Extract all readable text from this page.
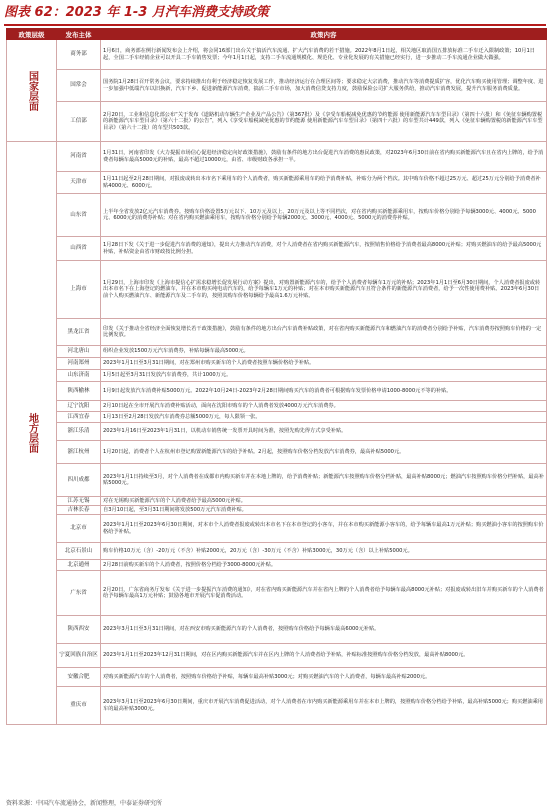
图表 62：2023 年 1-3 月汽车消费支持政策
政策层级	发布主体	政策内容

国家层面	商务部	1月6日，商务部在例行新闻发布会上介绍，将会同16部门出台关于搞活汽车流通、扩大汽车消费的若干措施。2022年8月1日起，相关地区取消国五排放标准二手车迁入限制政策；10月1日起，全国二手车经销企业可以开具二手车销售发票；今年1月1日起，支持二手车流通规模化、规范化、专业化发展的有关措施已经实行，进一步推动二手车流通企业做大做强。
	国常会	国务院1月28日召开常务会议，要求持续推出有利于经济稳定恢复发展工作，推动经济运行在合理区间等；要求稳定大宗消费，推动汽车等消费提质扩容，优化汽车购买使用管理；调整年度、进一步加强中低端汽车以旧换新，汽车下乡、促进新能源汽车消费，搞活二手车市场，加大消费信贷支持力度，鼓励保险公司扩大服务供给，推动汽车消费发展，提升汽车服务消费质量。
	工信部	2月20日，工业和信息化部公布“关于发布《道路机动车辆生产企业及产品公告》（第367批）及《享受车船税减免优惠的节约能源 使用新能源汽车车型目录》（第四十六批）和《免征车辆购置税的新能源汽车车型目录》（第六十二批）的公告”，列入《享受车船税减免优惠的节约能源 使用新能源汽车车型目录》（第四十六批）的车型共计449款，列入《免征车辆购置税的新能源汽车车型目录》（第六十二批）的车型共503款。

地方层面	河南省	1月31日，河南省印发《大力提振市场信心促进经济稳定向好政策措施》，鼓励有条件的地方出台促进汽车消费的惠民政策，对2023年6月30日前在省内购买新能源汽车且在省内上牌的，给予消费者每辆车最高5000元的补贴，最高不超过10000元，由省、市级财政各承担一半。
	天津市	1月11日起至2月28日期间，对报废或转出本市名下乘用车的个人消费者，购买新能源乘用车的给予消费补贴，补贴分为两个档次。其中购车价格不超过25万元、超过25万元分别给予消费者补贴4000元、6000元。
	山东省	上半年全省发放2亿元汽车消费券。按购车价格设置5万元以下、10万元及以上、20万元及以上等不同档次，对在省内购买新能源乘用车，按购车价格分别给予每辆3000元、4000元、5000元、6000元的消费券补贴；对在省内购买燃油乘用车，按购车价格分别给予每辆2000元、3000元、4000元、5000元的消费券补贴。
	山西省	1月28日下发《关于进一步促进汽车消费的通知》，提出大力推动汽车消费，对个人消费者在省内购买新能源汽车，按照销售价格给予消费者最高8000元补贴；对购买燃油车的给予最高5000元补贴，补贴资金由省市财政按比例分担。
	上海市	1月29日，上海市印发《上海市提信心扩需求稳增长促发展行动方案》提出，对购置新能源汽车的，给予个人消费者每辆车1万元的补贴；2023年1月1日至6月30日期间，个人消费者报废或转出本市名下在上海登记的燃油车，并在本市购买纯电动汽车的，给予每辆车1万元的补贴；对在本市购买新能源汽车且符合条件的新能源汽车消费者，给予一次性使用费补贴。2023年6月30日前个人购买燃油汽车、新能源汽车及二手车的，按照其购车价格每辆给予最高1.6万元补贴。
	黑龙江省	印发《关于推动全省经济全面恢复增长若干政策措施》，鼓励有条件的地方出台汽车消费补贴政策，对在省内购买新能源汽车和燃油汽车的消费者分别给予补贴，汽车消费券按照购车价格的一定比例发放。
	河北唐山	组织企业发放1500万元汽车消费券，补贴每辆车最高5000元。
	河南郑州	2023年1月1日至3月31日期间，对在郑州市购买新车的个人消费者按照车辆价格给予补贴。
	山东济南	1月5日起至3月31日发放汽车消费券，共计1000万元。
	陕西榆林	1月9日起发放汽车消费补贴5000万元。2022年10月24日-2023年2月28日期间购买汽车的消费者可根据购车发票价格申请1000-8000元不等的补贴。
	辽宁沈阳	2月10日起在全市开展汽车消费补贴活动，面向在沈阳市购车的个人消费者发放4000万元汽车消费券。
	江西宜春	1月13日至2月28日发放汽车消费券总额5000万元，每人限领一张。
	浙江乐清	2023年1月16日至2023年1月31日，以机动车销售统一发票开具时间为准，按照先购先得方式享受补贴。
	浙江杭州	1月20日起，消费者个人在杭州市登记购置新能源汽车的给予补贴。2月起，按照购车价格分档发放汽车消费券，最高补贴5000元。
	四川成都	2023年1月1日持续至3月，对个人消费者在成都市内购买新车并在本地上牌的，给予消费补贴；新能源汽车按照购车价格分档补贴，最高补贴8000元；燃油汽车按照购车价格分档补贴，最高补贴5000元。
	江苏无锡	对在无锡购买新能源汽车的个人消费者给予最高5000元补贴。
	吉林长春	自3月10日起，至3月31日期间将发放500万元汽车消费补贴。
	北京市	2023年1月1日至2023年6月30日期间，对本市个人消费者报废或转出本市名下在本市登记的小客车，并在本市购买新能源小客车的，给予每辆车最高1万元补贴；购买燃油小客车的按照购车价格给予补贴。
	北京石景山	购车价格10万元（含）-20万元（不含）补贴2000元，20万元（含）-30万元（不含）补贴3000元，30万元（含）以上补贴5000元。
	北京通州	2月28日前购买新车的个人消费者，按照价格分档给予3000-8000元补贴。
	广东省	2月20日，广东省商务厅发布《关于进一步提振汽车消费的通知》，对在省内购买新能源汽车并在省内上牌的个人消费者给予每辆车最高8000元补贴；对报废或转出旧车并购买新车的个人消费者给予每辆车最高1万元补贴；鼓励各地市开展汽车促消费活动。
	陕西西安	2023年3月1日至3月31日期间，对在西安市购买新能源汽车的个人消费者，按照购车价格给予每辆车最高6000元补贴。
	宁夏回族自治区	2023年1月1日至2023年12月31日期间，对在区内购买新能源汽车并在区内上牌的个人消费者给予补贴，补贴标准按照购车价格分档发放，最高补贴8000元。
	安徽合肥	对购买新能源汽车的个人消费者，按照购车价格给予补贴，每辆车最高补贴3000元；对购买燃油汽车的个人消费者，每辆车最高补贴2000元。
	重庆市	2023年3月1日至2023年6月30日期间，重庆市开展汽车消费促进活动，对个人消费者在市内购买新能源乘用车并在本市上牌的，按照购车价格分档给予补贴，最高补贴5000元；购买燃油乘用车的最高补贴3000元。
资料来源：中国汽车流通协会，新闻整理，中泰证券研究所
